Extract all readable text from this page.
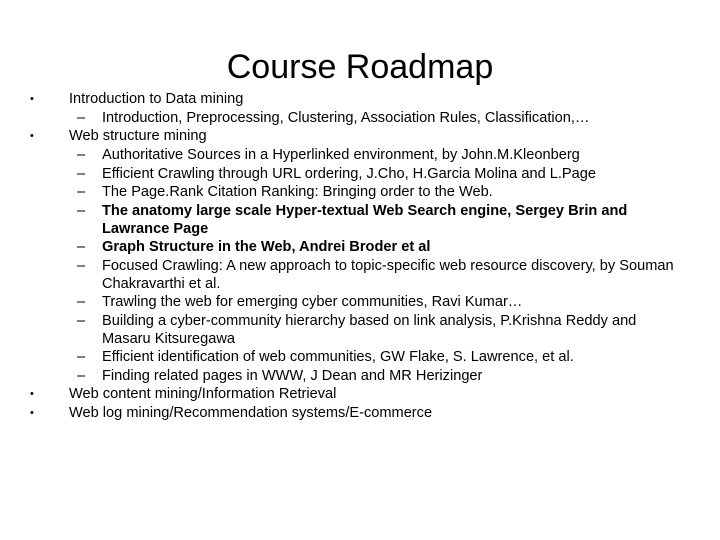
Course Roadmap
• Introduction to Data mining
– Introduction, Preprocessing, Clustering, Association Rules, Classification,…
• Web structure mining
– Authoritative Sources in a Hyperlinked environment, by John.M.Kleonberg
– Efficient Crawling through URL ordering, J.Cho, H.Garcia Molina and L.Page
– The Page.Rank Citation Ranking: Bringing order to the Web.
– The anatomy large scale Hyper-textual Web Search engine, Sergey Brin and Lawrance Page
– Graph Structure in the Web, Andrei Broder et al
– Focused Crawling: A new approach to topic-specific web resource discovery, by Souman Chakravarthi et al.
– Trawling the web for emerging cyber communities, Ravi Kumar…
– Building a cyber-community hierarchy based on link analysis, P.Krishna Reddy and Masaru Kitsuregawa
– Efficient identification of web communities, GW Flake, S. Lawrence, et al.
– Finding related pages in WWW, J Dean and MR Herizinger
• Web content mining/Information Retrieval
• Web log mining/Recommendation systems/E-commerce
